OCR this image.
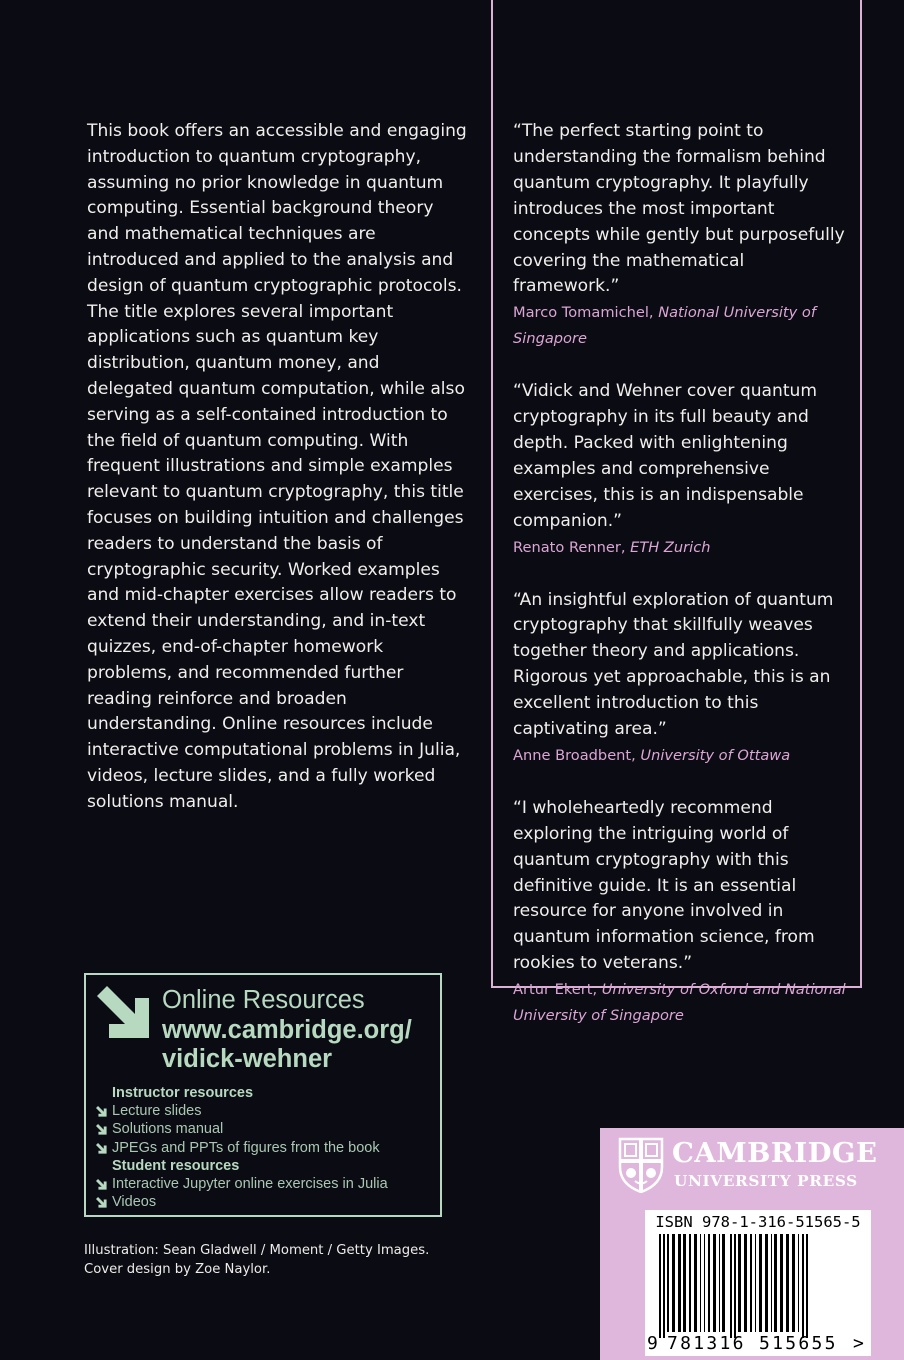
This book offers an accessible and engaging introduction to quantum cryptography, assuming no prior knowledge in quantum computing. Essential background theory and mathematical techniques are introduced and applied to the analysis and design of quantum cryptographic protocols. The title explores several important applications such as quantum key distribution, quantum money, and delegated quantum computation, while also serving as a self-contained introduction to the field of quantum computing. With frequent illustrations and simple examples relevant to quantum cryptography, this title focuses on building intuition and challenges readers to understand the basis of cryptographic security. Worked examples and mid-chapter exercises allow readers to extend their understanding, and in-text quizzes, end-of-chapter homework problems, and recommended further reading reinforce and broaden understanding. Online resources include interactive computational problems in Julia, videos, lecture slides, and a fully worked solutions manual.
“The perfect starting point to understanding the formalism behind quantum cryptography. It playfully introduces the most important concepts while gently but purposefully covering the mathematical framework.”
Marco Tomamichel, National University of Singapore
“Vidick and Wehner cover quantum cryptography in its full beauty and depth. Packed with enlightening examples and comprehensive exercises, this is an indispensable companion.”
Renato Renner, ETH Zurich
“An insightful exploration of quantum cryptography that skillfully weaves together theory and applications. Rigorous yet approachable, this is an excellent introduction to this captivating area.”
Anne Broadbent, University of Ottawa
“I wholeheartedly recommend exploring the intriguing world of quantum cryptography with this definitive guide. It is an essential resource for anyone involved in quantum information science, from rookies to veterans.”
Artur Ekert, University of Oxford and National University of Singapore
Online Resources
www.cambridge.org/
vidick-wehner
Instructor resources
Lecture slides
Solutions manual
JPEGs and PPTs of figures from the book
Student resources
Interactive Jupyter online exercises in Julia
Videos
Illustration: Sean Gladwell / Moment / Getty Images.
Cover design by Zoe Naylor.
CAMBRIDGE
UNIVERSITY PRESS
ISBN 978-1-316-51565-5
9 781316 515655 >
